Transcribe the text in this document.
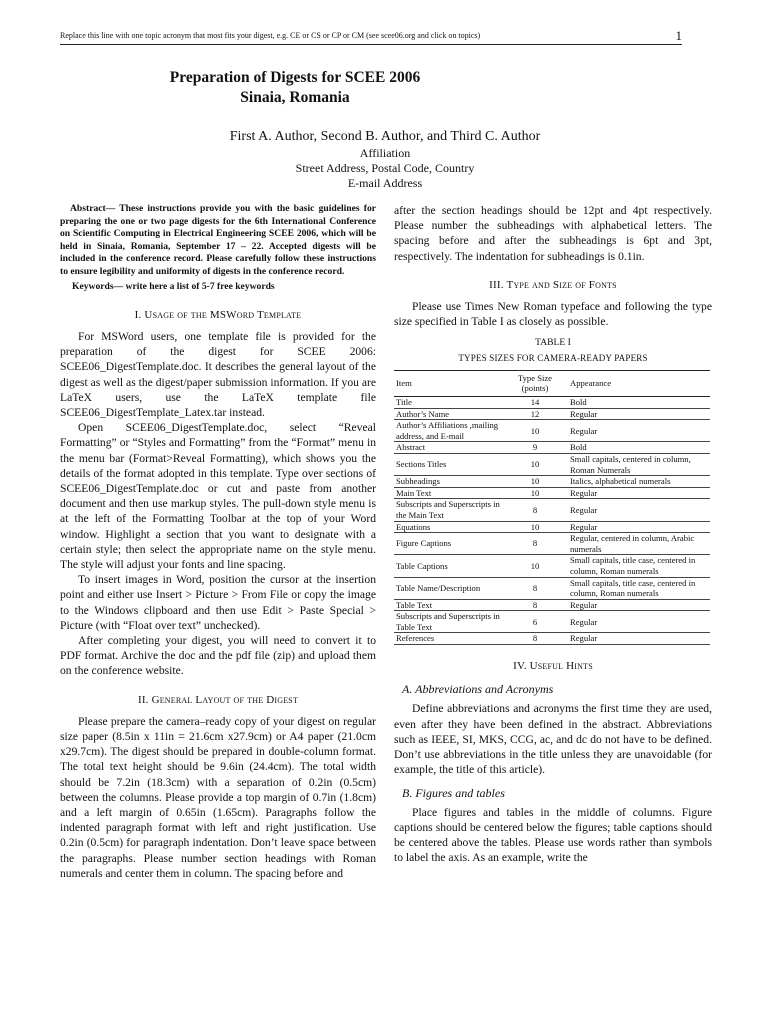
Replace this line with one topic acronym that most fits your digest, e.g. CE or CS or CP or CM (see scee06.org and click on topics)	1
Preparation of Digests for SCEE 2006
Sinaia, Romania
First A. Author, Second B. Author, and Third C. Author
Affiliation
Street Address, Postal Code, Country
E-mail Address

Abstract— These instructions provide you with the basic guidelines for preparing the one or two page digests for the 6th International Conference on Scientific Computing in Electrical Engineering SCEE 2006, which will be held in Sinaia, Romania, September 17 – 22. Accepted digests will be included in the conference record. Please carefully follow these instructions to ensure legibility and uniformity of digests in the conference record.

Keywords— write here a list of 5-7 free keywords

I. Usage of the MSWord Template

For MSWord users, one template file is provided for the preparation of the digest for SCEE 2006: SCEE06_DigestTemplate.doc. It describes the general layout of the digest as well as the digest/paper submission information. If you are LaTeX users, use the LaTeX template file SCEE06_DigestTemplate_Latex.tar instead.

Open SCEE06_DigestTemplate.doc, select “Reveal Formatting” or “Styles and Formatting” from the “Format” menu in the menu bar (Format>Reveal Formatting), which shows you the details of the format adopted in this template. Type over sections of SCEE06_DigestTemplate.doc or cut and paste from another document and then use markup styles. The pull-down style menu is at the left of the Formatting Toolbar at the top of your Word window. Highlight a section that you want to designate with a certain style; then select the appropriate name on the style menu. The style will adjust your fonts and line spacing.

To insert images in Word, position the cursor at the insertion point and either use Insert > Picture > From File or copy the image to the Windows clipboard and then use Edit > Paste Special > Picture (with “Float over text” unchecked).

After completing your digest, you will need to convert it to PDF format. Archive the doc and the pdf file (zip) and upload them on the conference website.

II. General Layout of the Digest

Please prepare the camera–ready copy of your digest on regular size paper (8.5in x 11in = 21.6cm x27.9cm) or A4 paper (21.0cm x29.7cm). The digest should be prepared in double-column format. The total text height should be 9.6in (24.4cm). The total width should be 7.2in (18.3cm) with a separation of 0.2in (0.5cm) between the columns. Please provide a top margin of 0.7in (1.8cm) and a left margin of 0.65in (1.65cm). Paragraphs follow the indented paragraph format with left and right justification. Use 0.2in (0.5cm) for paragraph indentation. Don’t leave space between the paragraphs. Please number section headings with Roman numerals and center them in column. The spacing before and

after the section headings should be 12pt and 4pt respectively. Please number the subheadings with alphabetical letters. The spacing before and after the subheadings is 6pt and 3pt, respectively. The indentation for subheadings is 0.1in.

III. Type and Size of Fonts

Please use Times New Roman typeface and following the type size specified in Table I as closely as possible.

TABLE I
TYPES SIZES FOR CAMERA-READY PAPERS
Item	Type Size (points)	Appearance
Title	14	Bold
Author’s Name	12	Regular
Author’s Affiliations ,mailing address, and E-mail	10	Regular
Abstract	9	Bold
Sections Titles	10	Small capitals, centered in column, Roman Numerals
Subheadings	10	Italics, alphabetical numerals
Main Text	10	Regular
Subscripts and Superscripts in the Main Text	8	Regular
Equations	10	Regular
Figure Captions	8	Regular, centered in column, Arabic numerals
Table Captions	10	Small capitals, title case, centered in column, Roman numerals
Table Name/Description	8	Small capitals, title case, centered in column, Roman numerals
Table Text	8	Regular
Subscripts and Superscripts in Table Text	6	Regular
References	8	Regular
IV. Useful Hints
A. Abbreviations and Acronyms

Define abbreviations and acronyms the first time they are used, even after they have been defined in the abstract. Abbreviations such as IEEE, SI, MKS, CCG, ac, and dc do not have to be defined. Don’t use abbreviations in the title unless they are unavoidable (for example, the title of this article).

B. Figures and tables

Place figures and tables in the middle of columns. Figure captions should be centered below the figures; table captions should be centered above the tables. Please use words rather than symbols to label the axis. As an example, write the
